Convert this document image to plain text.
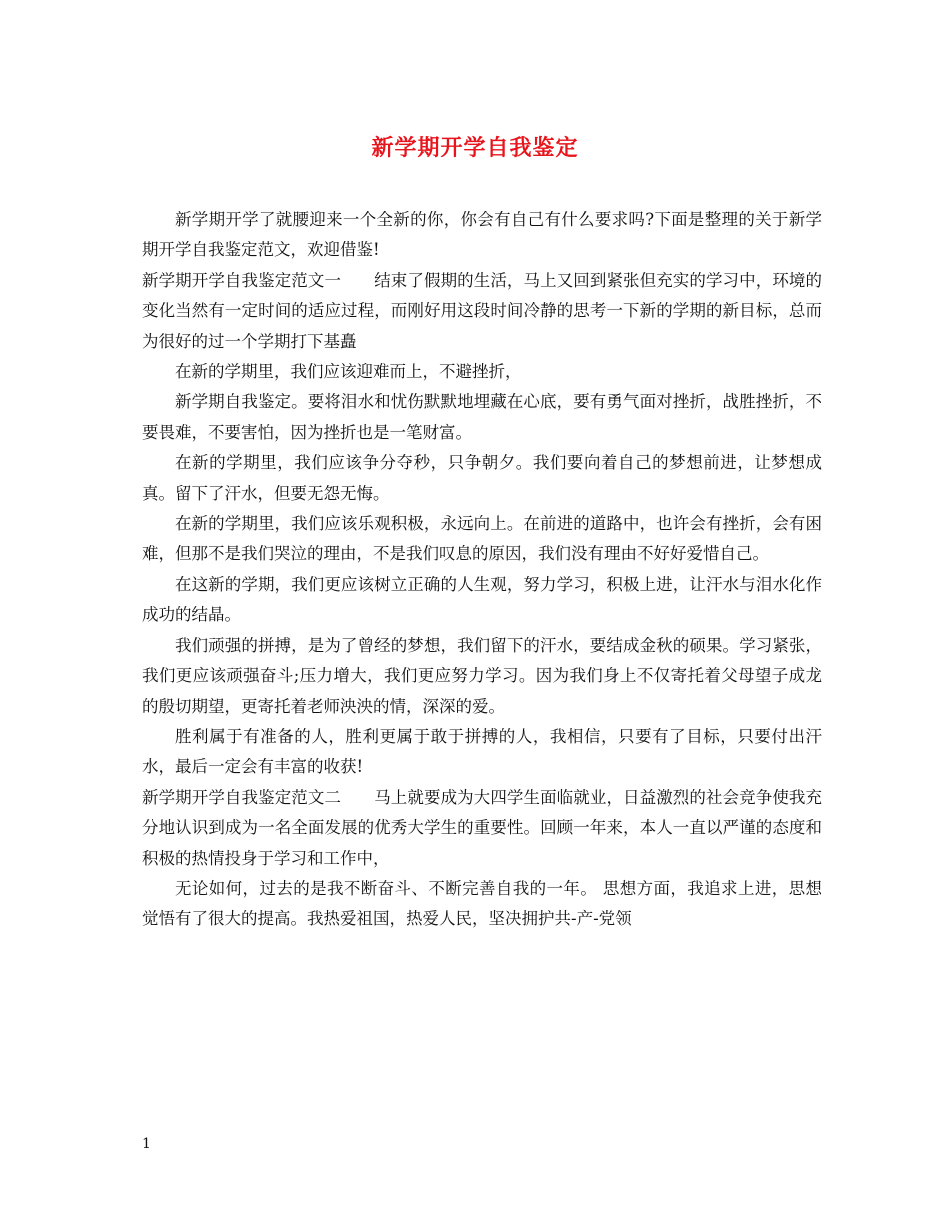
新学期开学自我鉴定

新学期开学了就腰迎来一个全新的你，你会有自己有什么要求吗?下面是整理的关于新学期开学自我鉴定范文，欢迎借鉴!

新学期开学自我鉴定范文一　　结束了假期的生活，马上又回到紧张但充实的学习中，环境的变化当然有一定时间的适应过程，而刚好用这段时间冷静的思考一下新的学期的新目标，总而为很好的过一个学期打下基矗

在新的学期里，我们应该迎难而上，不避挫折，

新学期自我鉴定。要将泪水和忧伤默默地埋藏在心底，要有勇气面对挫折，战胜挫折，不要畏难，不要害怕，因为挫折也是一笔财富。

在新的学期里，我们应该争分夺秒，只争朝夕。我们要向着自己的梦想前进，让梦想成真。留下了汗水，但要无怨无悔。

在新的学期里，我们应该乐观积极，永远向上。在前进的道路中，也许会有挫折，会有困难，但那不是我们哭泣的理由，不是我们叹息的原因，我们没有理由不好好爱惜自己。

在这新的学期，我们更应该树立正确的人生观，努力学习，积极上进，让汗水与泪水化作成功的结晶。

我们顽强的拼搏，是为了曾经的梦想，我们留下的汗水，要结成金秋的硕果。学习紧张，我们更应该顽强奋斗;压力增大，我们更应努力学习。因为我们身上不仅寄托着父母望子成龙的殷切期望，更寄托着老师泱泱的情，深深的爱。

胜利属于有准备的人，胜利更属于敢于拼搏的人，我相信，只要有了目标，只要付出汗水，最后一定会有丰富的收获!

新学期开学自我鉴定范文二　　马上就要成为大四学生面临就业，日益激烈的社会竞争使我充分地认识到成为一名全面发展的优秀大学生的重要性。回顾一年来，本人一直以严谨的态度和积极的热情投身于学习和工作中，

无论如何，过去的是我不断奋斗、不断完善自我的一年。 思想方面，我追求上进，思想觉悟有了很大的提高。我热爱祖国，热爱人民，坚决拥护共-产-党领

1
